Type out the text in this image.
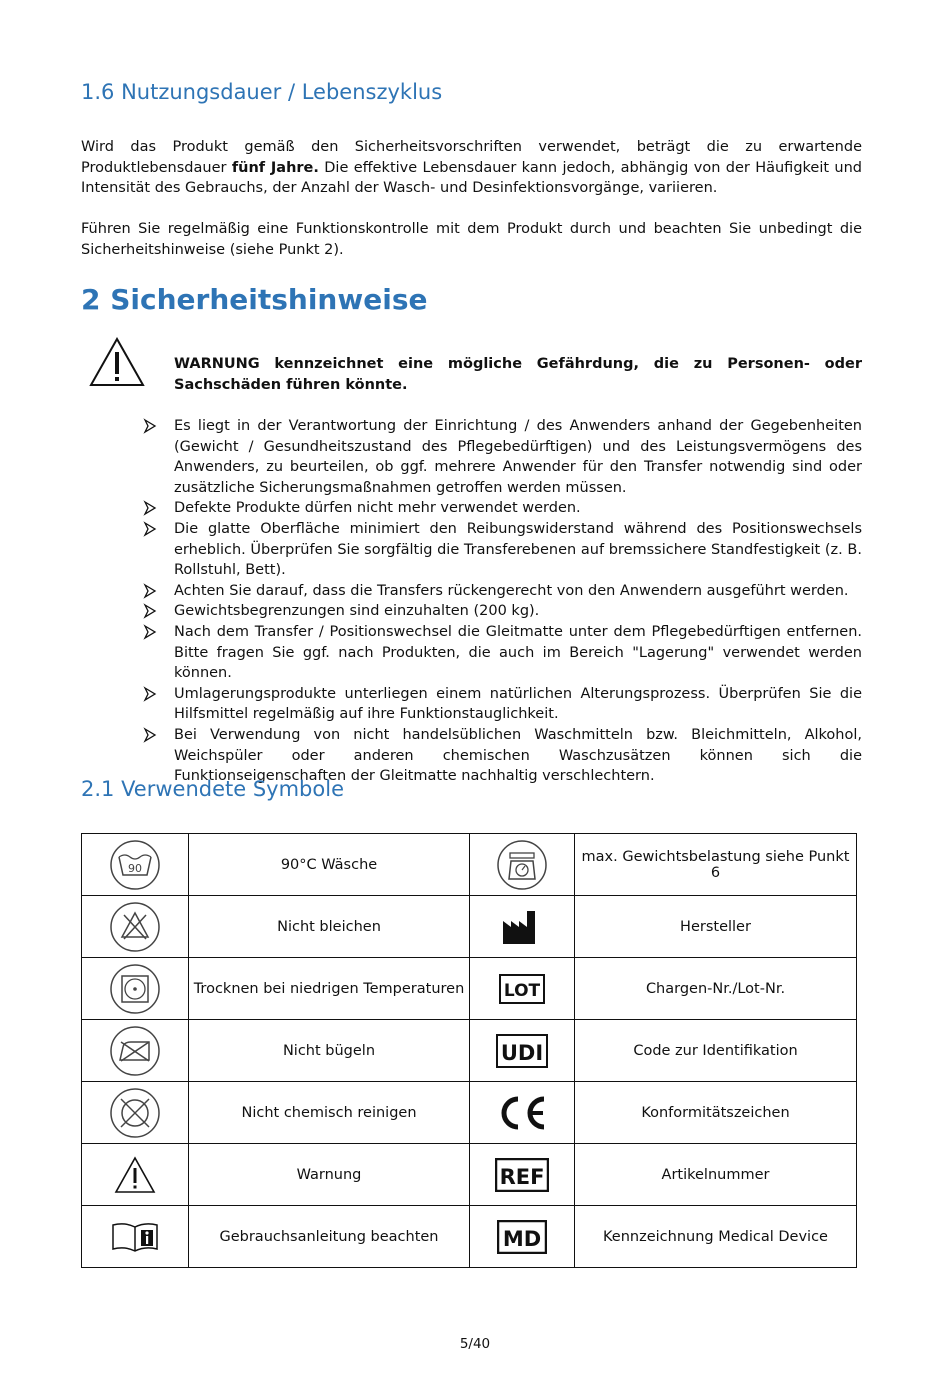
1.6 Nutzungsdauer / Lebenszyklus

Wird das Produkt gemäß den Sicherheitsvorschriften verwendet, beträgt die zu erwartende Produktlebensdauer fünf Jahre. Die effektive Lebensdauer kann jedoch, abhängig von der Häufigkeit und Intensität des Gebrauchs, der Anzahl der Wasch- und Desinfektionsvorgänge, variieren.

Führen Sie regelmäßig eine Funktionskontrolle mit dem Produkt durch und beachten Sie unbedingt die Sicherheitshinweise (siehe Punkt 2).

2 Sicherheitshinweise

WARNUNG kennzeichnet eine mögliche Gefährdung, die zu Personen- oder Sachschäden führen könnte.

Es liegt in der Verantwortung der Einrichtung / des Anwenders anhand der Gegebenheiten (Gewicht / Gesundheitszustand des Pflegebedürftigen) und des Leistungsvermögens des Anwenders, zu beurteilen, ob ggf. mehrere Anwender für den Transfer notwendig sind oder zusätzliche Sicherungsmaßnahmen getroffen werden müssen.
Defekte Produkte dürfen nicht mehr verwendet werden.
Die glatte Oberfläche minimiert den Reibungswiderstand während des Positionswechsels erheblich. Überprüfen Sie sorgfältig die Transferebenen auf bremssichere Standfestigkeit (z. B. Rollstuhl, Bett).
Achten Sie darauf, dass die Transfers rückengerecht von den Anwendern ausgeführt werden.
Gewichtsbegrenzungen sind einzuhalten (200 kg).
Nach dem Transfer / Positionswechsel die Gleitmatte unter dem Pflegebedürftigen entfernen. Bitte fragen Sie ggf. nach Produkten, die auch im Bereich "Lagerung" verwendet werden können.
Umlagerungsprodukte unterliegen einem natürlichen Alterungsprozess. Überprüfen Sie die Hilfsmittel regelmäßig auf ihre Funktionstauglichkeit.
Bei Verwendung von nicht handelsüblichen Waschmitteln bzw. Bleichmitteln, Alkohol, Weichspüler oder anderen chemischen Waschzusätzen können sich die Funktionseigenschaften der Gleitmatte nachhaltig verschlechtern.
2.1 Verwendete Symbole
90	90°C Wäsche		max. Gewichtsbelastung siehe Punkt 6

	Nicht bleichen		Hersteller

	Trocknen bei niedrigen Temperaturen	LOT	Chargen-Nr./Lot-Nr.

	Nicht bügeln	UDI	Code zur Identifikation

	Nicht chemisch reinigen		Konformitätszeichen

	Warnung	REF	Artikelnummer

	Gebrauchsanleitung beachten	MD	Kennzeichnung Medical Device
5/40
